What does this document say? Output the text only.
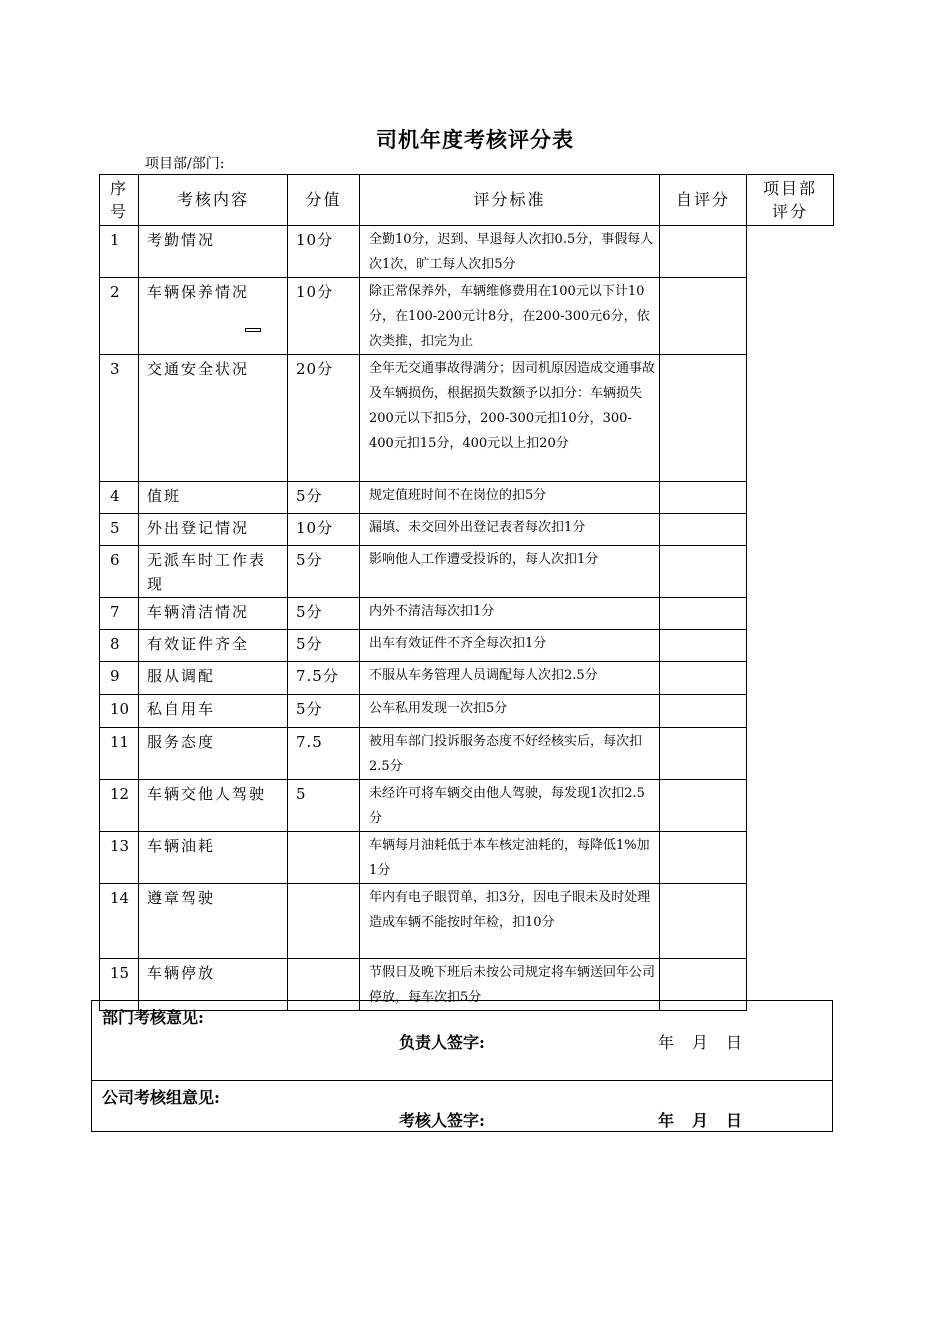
司机年度考核评分表
项目部/部门:
序号	考核内容	分值	评分标准	自评分	项目部评分
1	考勤情况	10分	全勤10分，迟到、早退每人次扣0.5分，事假每人次1次，旷工每人次扣5分		

2	车辆保养情况	10分	除正常保养外，车辆维修费用在100元以下计10分，在100-200元计8分，在200-300元6分，依次类推，扣完为止		

3	交通安全状况	20分	全年无交通事故得满分；因司机原因造成交通事故及车辆损伤，根据损失数额予以扣分：车辆损失200元以下扣5分，200-300元扣10分，300-400元扣15分，400元以上扣20分		

4	值班	5分	规定值班时间不在岗位的扣5分		

5	外出登记情况	10分	漏填、未交回外出登记表者每次扣1分		

6	无派车时工作表现	5分	影响他人工作遭受投诉的，每人次扣1分		

7	车辆清洁情况	5分	内外不清洁每次扣1分		

8	有效证件齐全	5分	出车有效证件不齐全每次扣1分		

9	服从调配	7.5分	不服从车务管理人员调配每人次扣2.5分		

10	私自用车	5分	公车私用发现一次扣5分		

11	服务态度	7.5	被用车部门投诉服务态度不好经核实后，每次扣2.5分		

12	车辆交他人驾驶	5	未经许可将车辆交由他人驾驶，每发现1次扣2.5分		

13	车辆油耗		车辆每月油耗低于本车核定油耗的，每降低1%加1分		

14	遵章驾驶		年内有电子眼罚单，扣3分，因电子眼未及时处理造成车辆不能按时年检，扣10分		

15	车辆停放		节假日及晚下班后未按公司规定将车辆送回年公司停放，每车次扣5分		
部门考核意见:
负责人签字:	年　月　日

公司考核组意见:
考核人签字:	年　月　日
